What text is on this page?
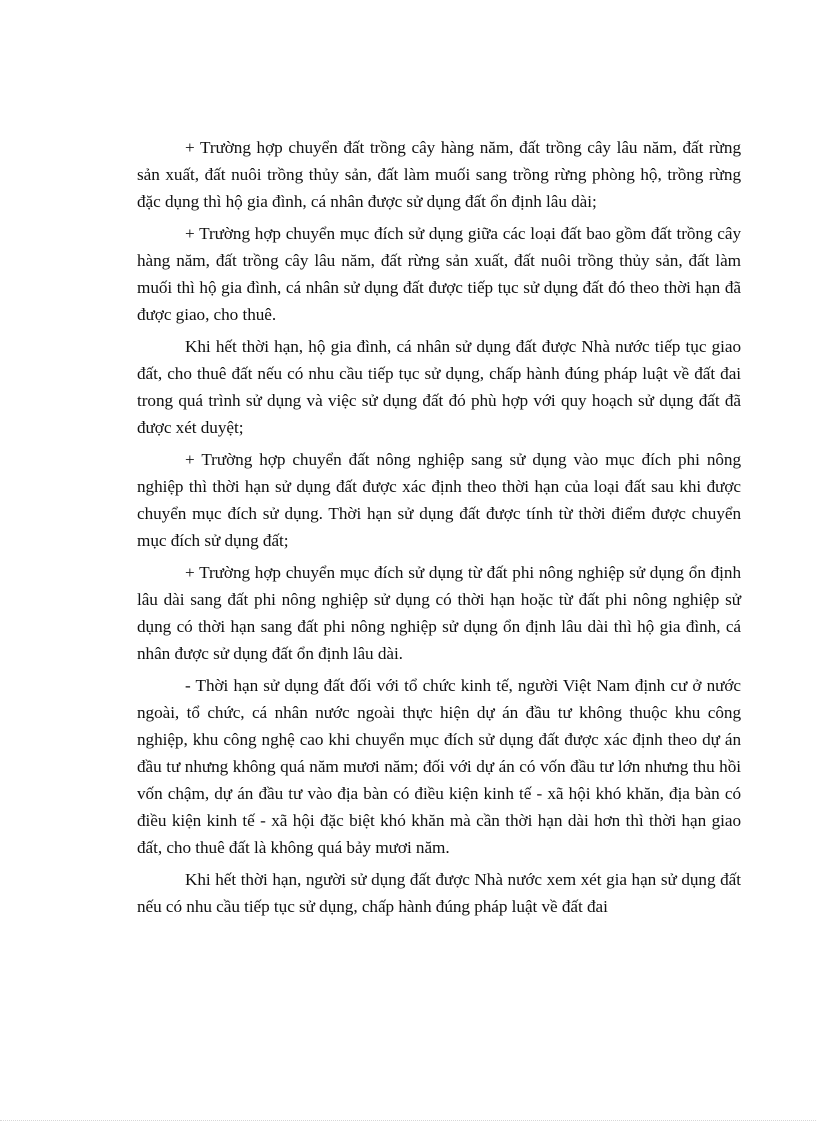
+ Trường hợp chuyển đất trồng cây hàng năm, đất trồng cây lâu năm, đất rừng sản xuất, đất nuôi trồng thủy sản, đất làm muối sang trồng rừng phòng hộ, trồng rừng đặc dụng thì hộ gia đình, cá nhân được sử dụng đất ổn định lâu dài;

+ Trường hợp chuyển mục đích sử dụng giữa các loại đất bao gồm đất trồng cây hàng năm, đất trồng cây lâu năm, đất rừng sản xuất, đất nuôi trồng thủy sản, đất làm muối thì hộ gia đình, cá nhân sử dụng đất được tiếp tục sử dụng đất đó theo thời hạn đã được giao, cho thuê.

Khi hết thời hạn, hộ gia đình, cá nhân sử dụng đất được Nhà nước tiếp tục giao đất, cho thuê đất nếu có nhu cầu tiếp tục sử dụng, chấp hành đúng pháp luật về đất đai trong quá trình sử dụng và việc sử dụng đất đó phù hợp với quy hoạch sử dụng đất đã được xét duyệt;

+ Trường hợp chuyển đất nông nghiệp sang sử dụng vào mục đích phi nông nghiệp thì thời hạn sử dụng đất được xác định theo thời hạn của loại đất sau khi được chuyển mục đích sử dụng. Thời hạn sử dụng đất được tính từ thời điểm được chuyển mục đích sử dụng đất;

+ Trường hợp chuyển mục đích sử dụng từ đất phi nông nghiệp sử dụng ổn định lâu dài sang đất phi nông nghiệp sử dụng có thời hạn hoặc từ đất phi nông nghiệp sử dụng có thời hạn sang đất phi nông nghiệp sử dụng ổn định lâu dài thì hộ gia đình, cá nhân được sử dụng đất ổn định lâu dài.

- Thời hạn sử dụng đất đối với tổ chức kinh tế, người Việt Nam định cư ở nước ngoài, tổ chức, cá nhân nước ngoài thực hiện dự án đầu tư không thuộc khu công nghiệp, khu công nghệ cao khi chuyển mục đích sử dụng đất được xác định theo dự án đầu tư nhưng không quá năm mươi năm; đối với dự án có vốn đầu tư lớn nhưng thu hồi vốn chậm, dự án đầu tư vào địa bàn có điều kiện kinh tế - xã hội khó khăn, địa bàn có điều kiện kinh tế - xã hội đặc biệt khó khăn mà cần thời hạn dài hơn thì thời hạn giao đất, cho thuê đất là không quá bảy mươi năm.

Khi hết thời hạn, người sử dụng đất được Nhà nước xem xét gia hạn sử dụng đất nếu có nhu cầu tiếp tục sử dụng, chấp hành đúng pháp luật về đất đai
